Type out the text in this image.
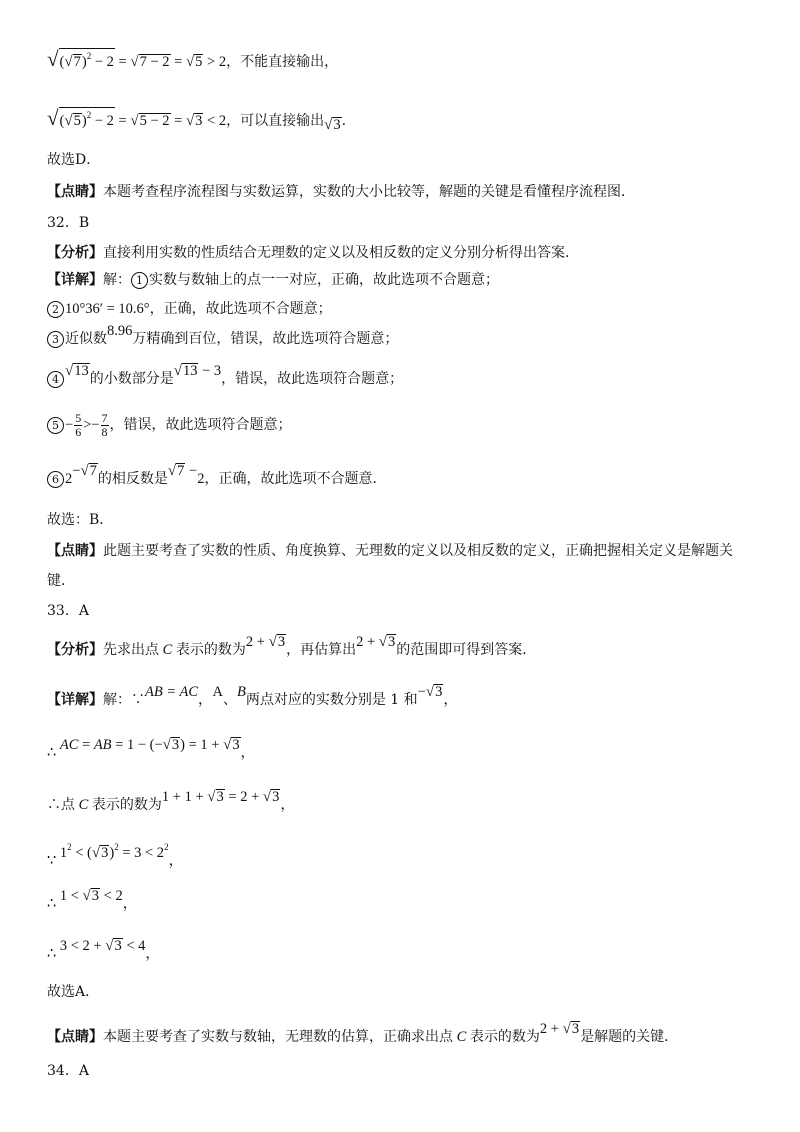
$√(√7)^2 - 2 = √7 - 2 = √5 > 2$，不能直接输出，
$√(√5)^2 - 2 = √5 - 2 = √3 < 2$，可以直接输出√3.
故选D．
【点睛】本题考查程序流程图与实数运算，实数的大小比较等，解题的关键是看懂程序流程图．
32．B
【分析】直接利用实数的性质结合无理数的定义以及相反数的定义分别分析得出答案．
【详解】解： 1 实数与数轴上的点一一对应，正确，故此选项不合题意；
2 10°36′ = 10.6°，正确，故此选项不合题意；
3 近似数8.96万精确到百位，错误，故此选项符合题意；
4√13的小数部分是√13 − 3，错误，故此选项符合题意；
$5 - \frac{5}{6} >- \frac{7}{8}$ ，错误，故此选项符合题意；
6 2−√7的相反数是√7 −2，正确，故此选项不合题意．
故选：B．
【点睛】此题主要考查了实数的性质、角度换算、无理数的定义以及相反数的定义，正确把握相关定义是解题关
键．
33．A
【分析】先求出点 C 表示的数为2 + √3，再估算出2 + √3的范围即可得到答案．
【详解】解：∵AB = AC，A、B两点对应的实数分别是 1 和−√3，
∴ AC = AB = 1 − (−√3) = 1 + √3，
∴点 C 表示的数为1 + 1 + √3 = 2 + √3，
∵ $1^2 < (√3)^2 = 3 < 2^2$，
∴ 1 < √3 < 2，
∴ 3 < 2 + √3 < 4，
故选A．
【点睛】本题主要考查了实数与数轴，无理数的估算，正确求出点 C 表示的数为2 + √3是解题的关键．
34．A
